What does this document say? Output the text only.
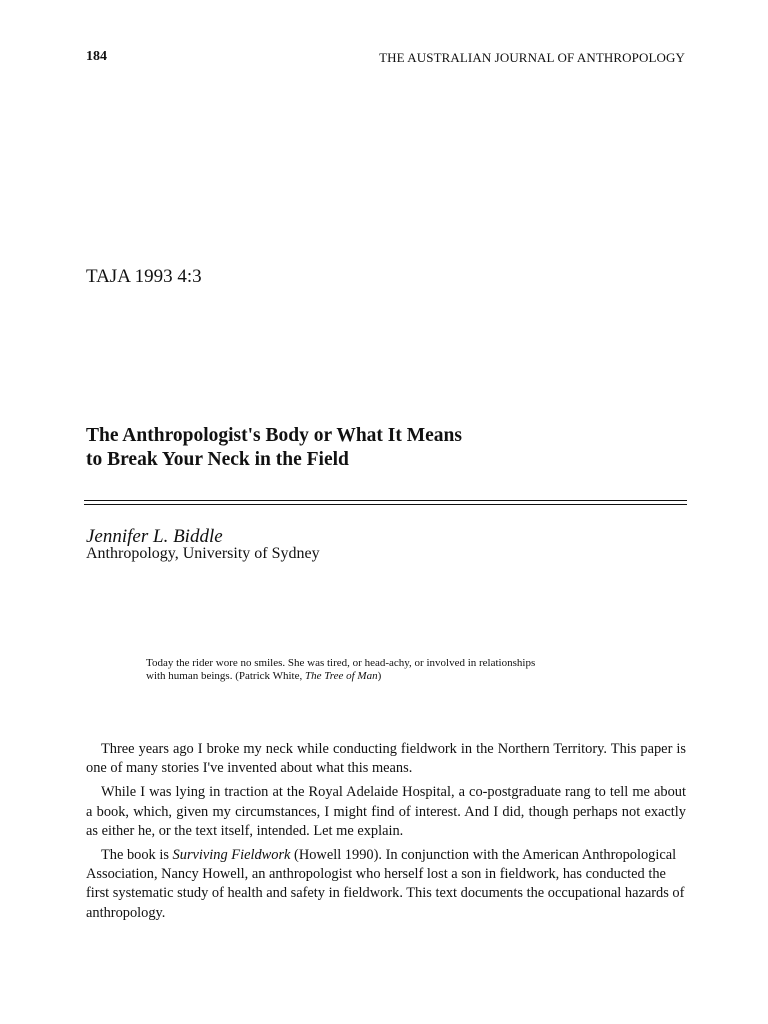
184	THE AUSTRALIAN JOURNAL OF ANTHROPOLOGY
TAJA 1993 4:3
The Anthropologist's Body or What It Means
to Break Your Neck in the Field
Jennifer L. Biddle
Anthropology, University of Sydney

Today the rider wore no smiles. She was tired, or head-achy, or involved in relationships
with human beings. (Patrick White, The Tree of Man)

Three years ago I broke my neck while conducting fieldwork in the Northern Territory. This paper is one of many stories I've invented about what this means.

While I was lying in traction at the Royal Adelaide Hospital, a co-postgraduate rang to tell me about a book, which, given my circumstances, I might find of interest. And I did, though perhaps not exactly as either he, or the text itself, intended. Let me explain.

The book is Surviving Fieldwork (Howell 1990). In conjunction with the American Anthropological Association, Nancy Howell, an anthropologist who herself lost a son in fieldwork, has conducted the first systematic study of health and safety in fieldwork. This text documents the occupational hazards of anthropology.
